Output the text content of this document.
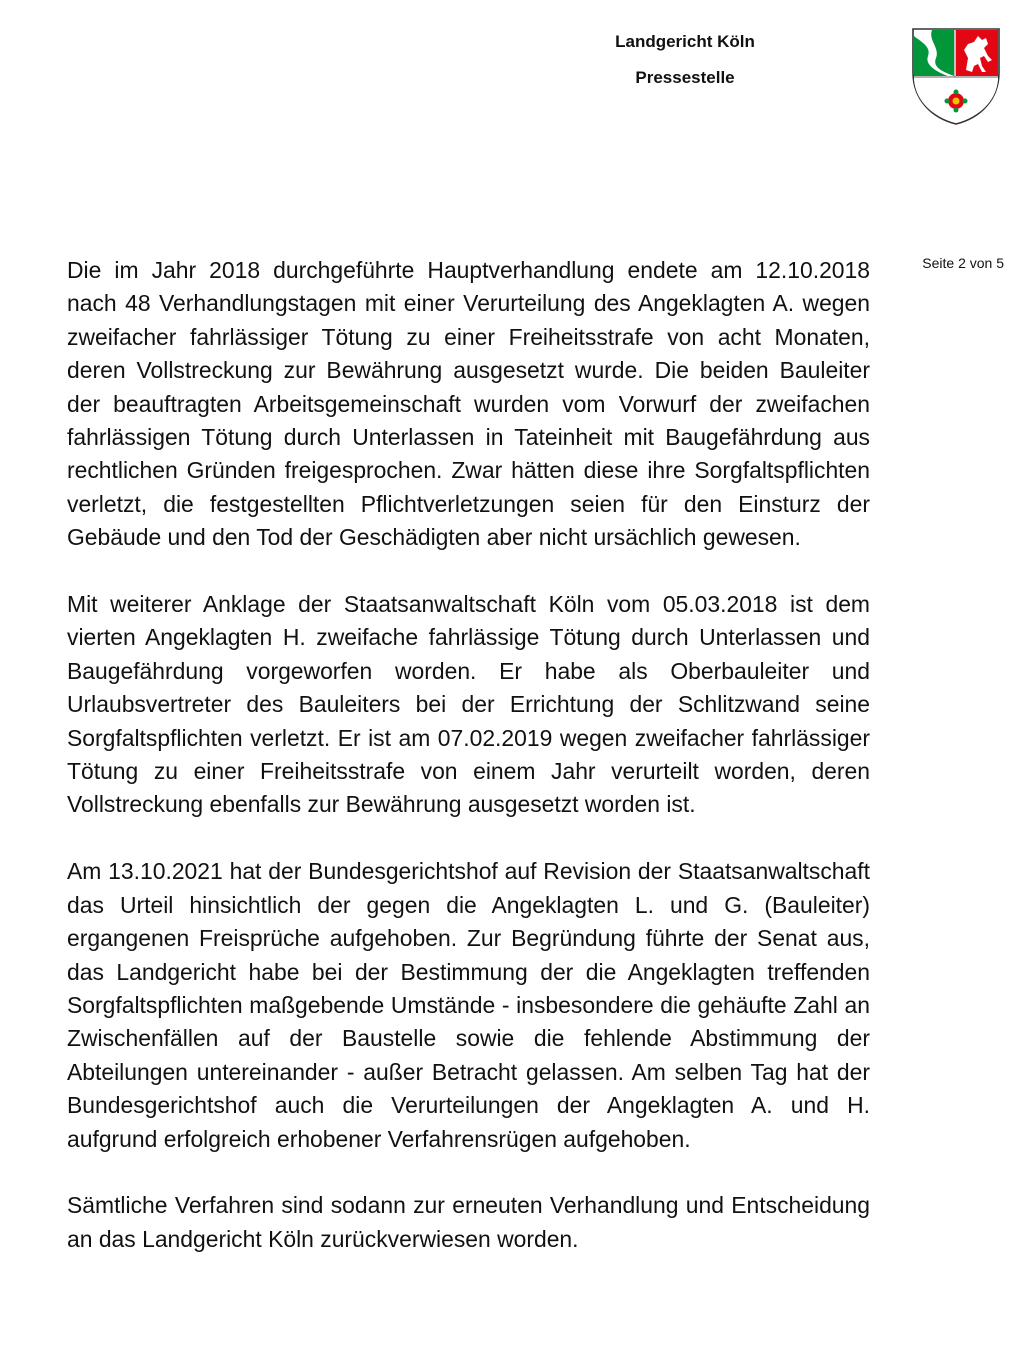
Landgericht Köln
Pressestelle
Seite 2 von 5

Die im Jahr 2018 durchgeführte Hauptverhandlung endete am 12.10.2018 nach 48 Verhandlungstagen mit einer Verurteilung des Angeklagten A. wegen zweifacher fahrlässiger Tötung zu einer Freiheitsstrafe von acht Monaten, deren Vollstreckung zur Bewährung ausgesetzt wurde. Die beiden Bauleiter der beauftragten Arbeitsgemeinschaft wurden vom Vorwurf der zweifachen fahrlässigen Tötung durch Unterlassen in Tateinheit mit Baugefährdung aus rechtlichen Gründen freigesprochen. Zwar hätten diese ihre Sorgfaltspflichten verletzt, die festgestellten Pflichtverletzungen seien für den Einsturz der Gebäude und den Tod der Geschädigten aber nicht ursächlich gewesen.

Mit weiterer Anklage der Staatsanwaltschaft Köln vom 05.03.2018 ist dem vierten Angeklagten H. zweifache fahrlässige Tötung durch Unterlassen und Baugefährdung vorgeworfen worden. Er habe als Oberbauleiter und Urlaubsvertreter des Bauleiters bei der Errichtung der Schlitzwand seine Sorgfaltspflichten verletzt. Er ist am 07.02.2019 wegen zweifacher fahrlässiger Tötung zu einer Freiheitsstrafe von einem Jahr verurteilt worden, deren Vollstreckung ebenfalls zur Bewährung ausgesetzt worden ist.

Am 13.10.2021 hat der Bundesgerichtshof auf Revision der Staatsanwaltschaft das Urteil hinsichtlich der gegen die Angeklagten L. und G. (Bauleiter) ergangenen Freisprüche aufgehoben. Zur Begründung führte der Senat aus, das Landgericht habe bei der Bestimmung der die Angeklagten treffenden Sorgfaltspflichten maßgebende Umstände - insbesondere die gehäufte Zahl an Zwischenfällen auf der Baustelle sowie die fehlende Abstimmung der Abteilungen untereinander - außer Betracht gelassen. Am selben Tag hat der Bundesgerichtshof auch die Verurteilungen der Angeklagten A. und H. aufgrund erfolgreich erhobener Verfahrensrügen aufgehoben.

Sämtliche Verfahren sind sodann zur erneuten Verhandlung und Entscheidung an das Landgericht Köln zurückverwiesen worden.
